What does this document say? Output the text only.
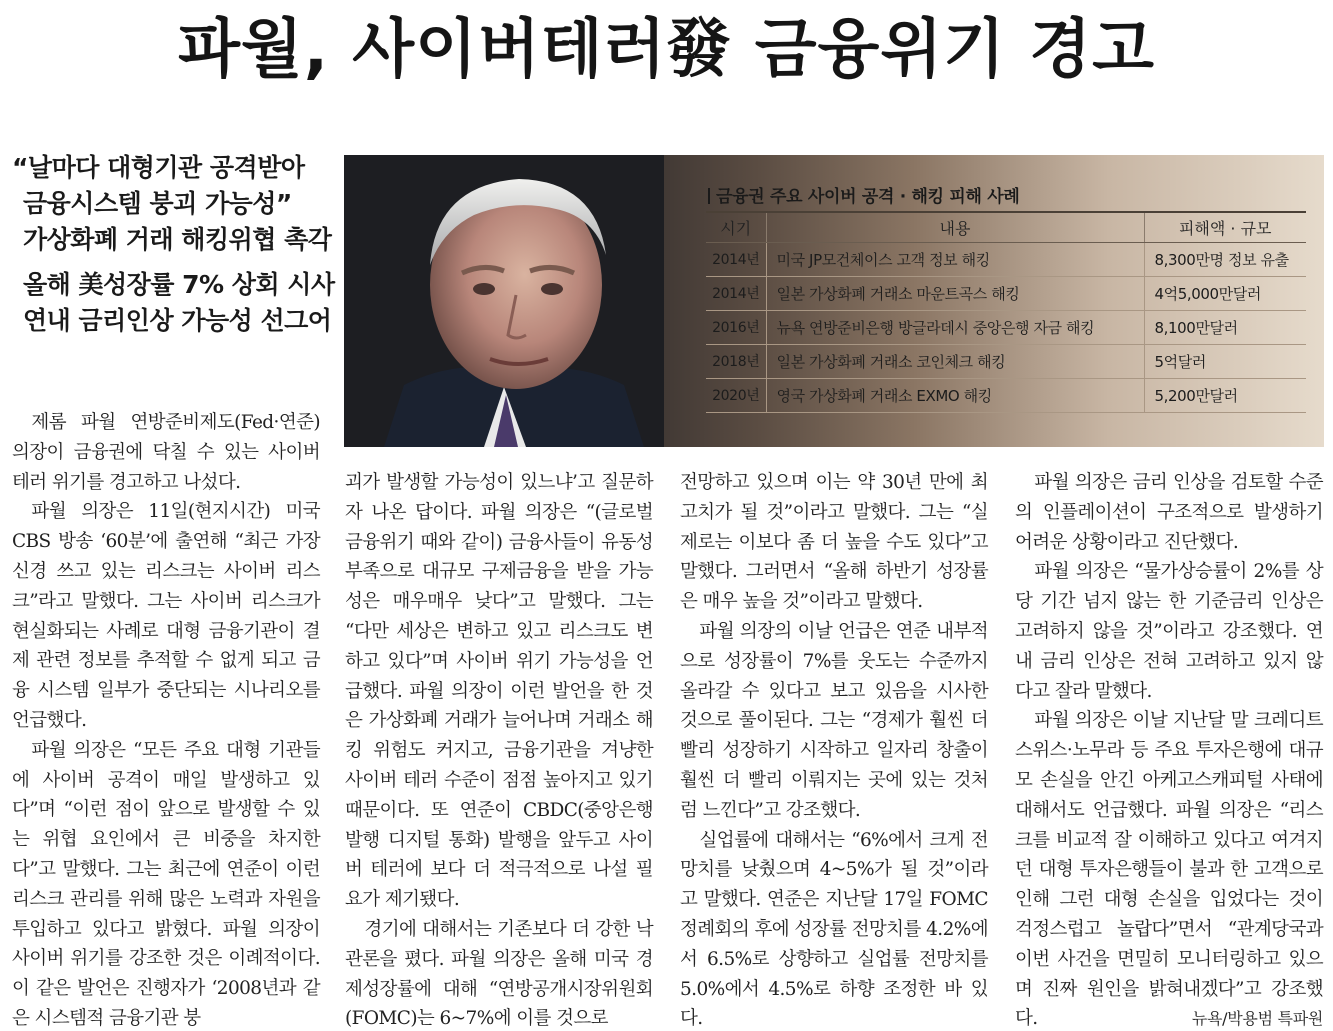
파월, 사이버테러發 금융위기 경고
“날마다 대형기관 공격받아
금융시스템 붕괴 가능성”
가상화폐 거래 해킹위협 촉각
올해 美성장률 7% 상회 시사
연내 금리인상 가능성 선그어
금융권 주요 사이버 공격 · 해킹 피해 사례
시기	내용	피해액 · 규모
2014년	미국 JP모건체이스 고객 정보 해킹	8,300만명 정보 유출
2014년	일본 가상화폐 거래소 마운트곡스 해킹	4억5,000만달러
2016년	뉴욕 연방준비은행 방글라데시 중앙은행 자금 해킹	8,100만달러
2018년	일본 가상화폐 거래소 코인체크 해킹	5억달러
2020년	영국 가상화폐 거래소 EXMO 해킹	5,200만달러

제롬 파월 연방준비제도(Fed·연준) 의장이 금융권에 닥칠 수 있는 사이버 테러 위기를 경고하고 나섰다.

파월 의장은 11일(현지시간) 미국 CBS 방송 ‘60분’에 출연해 “최근 가장 신경 쓰고 있는 리스크는 사이버 리스크”라고 말했다. 그는 사이버 리스크가 현실화되는 사례로 대형 금융기관이 결제 관련 정보를 추적할 수 없게 되고 금융 시스템 일부가 중단되는 시나리오를 언급했다.

파월 의장은 “모든 주요 대형 기관들에 사이버 공격이 매일 발생하고 있다”며 “이런 점이 앞으로 발생할 수 있는 위협 요인에서 큰 비중을 차지한다”고 말했다. 그는 최근에 연준이 이런 리스크 관리를 위해 많은 노력과 자원을 투입하고 있다고 밝혔다. 파월 의장이 사이버 위기를 강조한 것은 이례적이다. 이 같은 발언은 진행자가 ‘2008년과 같은 시스템적 금융기관 붕

괴가 발생할 가능성이 있느냐’고 질문하자 나온 답이다. 파월 의장은 “(글로벌 금융위기 때와 같이) 금융사들이 유동성 부족으로 대규모 구제금융을 받을 가능성은 매우매우 낮다”고 말했다. 그는 “다만 세상은 변하고 있고 리스크도 변하고 있다”며 사이버 위기 가능성을 언급했다. 파월 의장이 이런 발언을 한 것은 가상화폐 거래가 늘어나며 거래소 해킹 위험도 커지고, 금융기관을 겨냥한 사이버 테러 수준이 점점 높아지고 있기 때문이다. 또 연준이 CBDC(중앙은행 발행 디지털 통화) 발행을 앞두고 사이버 테러에 보다 더 적극적으로 나설 필요가 제기됐다.

경기에 대해서는 기존보다 더 강한 낙관론을 폈다. 파월 의장은 올해 미국 경제성장률에 대해 “연방공개시장위원회(FOMC)는 6~7%에 이를 것으로

전망하고 있으며 이는 약 30년 만에 최고치가 될 것”이라고 말했다. 그는 “실제로는 이보다 좀 더 높을 수도 있다”고 말했다. 그러면서 “올해 하반기 성장률은 매우 높을 것”이라고 말했다.

파월 의장의 이날 언급은 연준 내부적으로 성장률이 7%를 웃도는 수준까지 올라갈 수 있다고 보고 있음을 시사한 것으로 풀이된다. 그는 “경제가 훨씬 더 빨리 성장하기 시작하고 일자리 창출이 훨씬 더 빨리 이뤄지는 곳에 있는 것처럼 느낀다”고 강조했다.

실업률에 대해서는 “6%에서 크게 전망치를 낮췄으며 4~5%가 될 것”이라고 말했다. 연준은 지난달 17일 FOMC 정례회의 후에 성장률 전망치를 4.2%에서 6.5%로 상향하고 실업률 전망치를 5.0%에서 4.5%로 하향 조정한 바 있다.

파월 의장은 금리 인상을 검토할 수준의 인플레이션이 구조적으로 발생하기 어려운 상황이라고 진단했다.

파월 의장은 “물가상승률이 2%를 상당 기간 넘지 않는 한 기준금리 인상은 고려하지 않을 것”이라고 강조했다. 연내 금리 인상은 전혀 고려하고 있지 않다고 잘라 말했다.

파월 의장은 이날 지난달 말 크레디트스위스·노무라 등 주요 투자은행에 대규모 손실을 안긴 아케고스캐피털 사태에 대해서도 언급했다. 파월 의장은 “리스크를 비교적 잘 이해하고 있다고 여겨지던 대형 투자은행들이 불과 한 고객으로 인해 그런 대형 손실을 입었다는 것이 걱정스럽고 놀랍다”면서 “관계당국과 이번 사건을 면밀히 모니터링하고 있으며 진짜 원인을 밝혀내겠다”고 강조했다.	뉴욕/박용범 특파원
